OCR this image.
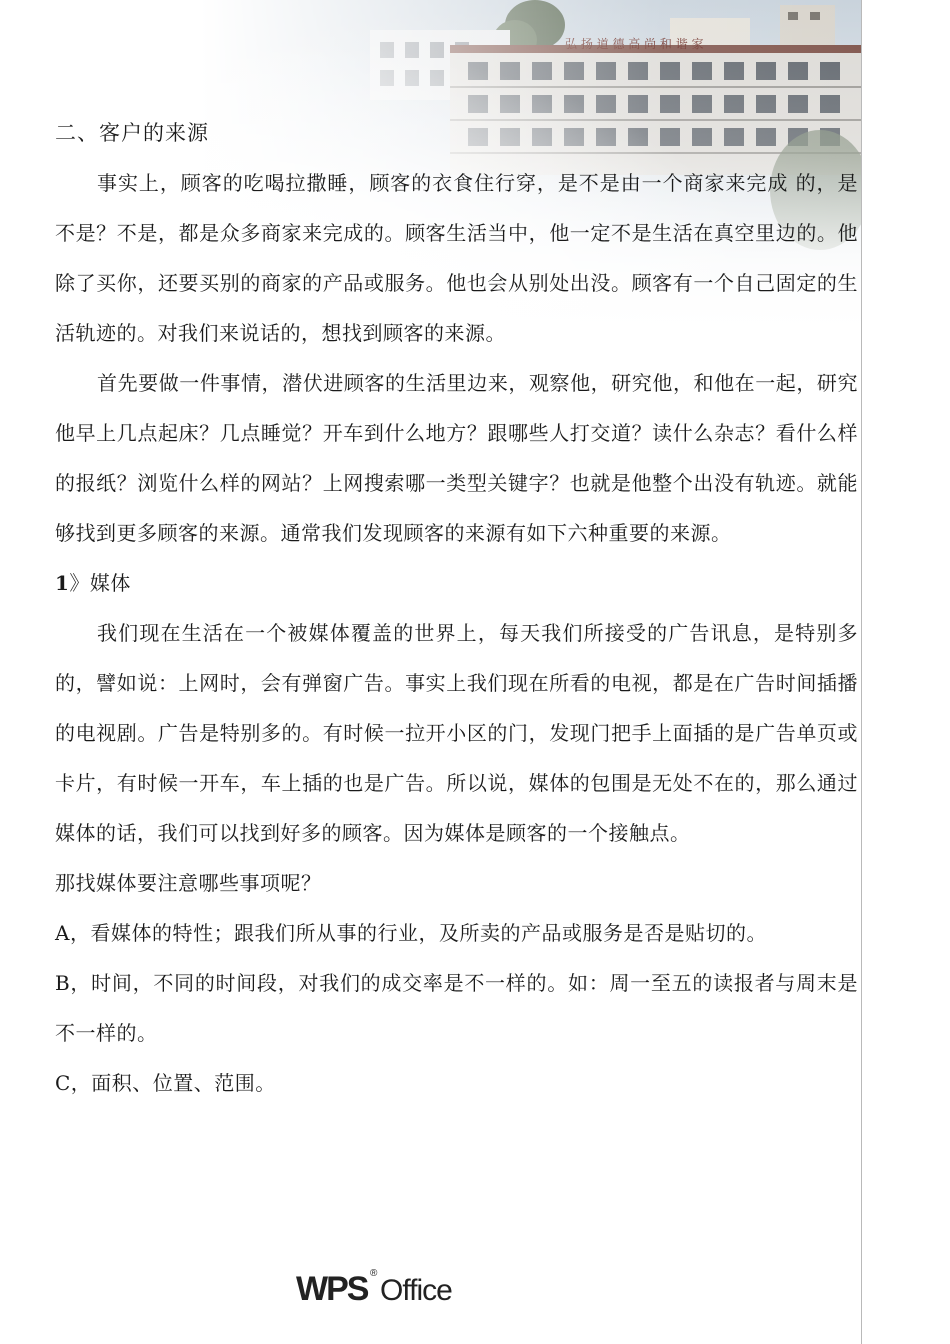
二、客户的来源

事实上，顾客的吃喝拉撒睡，顾客的衣食住行穿，是不是由一个商家来完成 的，是不是？不是，都是众多商家来完成的。顾客生活当中，他一定不是生活在真空里边的。他除了买你，还要买别的商家的产品或服务。他也会从别处出没。顾客有一个自己固定的生活轨迹的。对我们来说话的，想找到顾客的来源。

首先要做一件事情，潜伏进顾客的生活里边来，观察他，研究他，和他在一起，研究他早上几点起床？几点睡觉？开车到什么地方？跟哪些人打交道？读什么杂志？看什么样的报纸？浏览什么样的网站？上网搜索哪一类型关键字？也就是他整个出没有轨迹。就能够找到更多顾客的来源。通常我们发现顾客的来源有如下六种重要的来源。

1》媒体

我们现在生活在一个被媒体覆盖的世界上，每天我们所接受的广告讯息，是特别多的，譬如说：上网时，会有弹窗广告。事实上我们现在所看的电视，都是在广告时间插播的电视剧。广告是特别多的。有时候一拉开小区的门，发现门把手上面插的是广告单页或卡片，有时候一开车，车上插的也是广告。所以说，媒体的包围是无处不在的，那么通过媒体的话，我们可以找到好多的顾客。因为媒体是顾客的一个接触点。

那找媒体要注意哪些事项呢？

A，看媒体的特性；跟我们所从事的行业，及所卖的产品或服务是否是贴切的。

B，时间，不同的时间段，对我们的成交率是不一样的。如：周一至五的读报者与周末是不一样的。

C，面积、位置、范围。

WPS ®
Office
